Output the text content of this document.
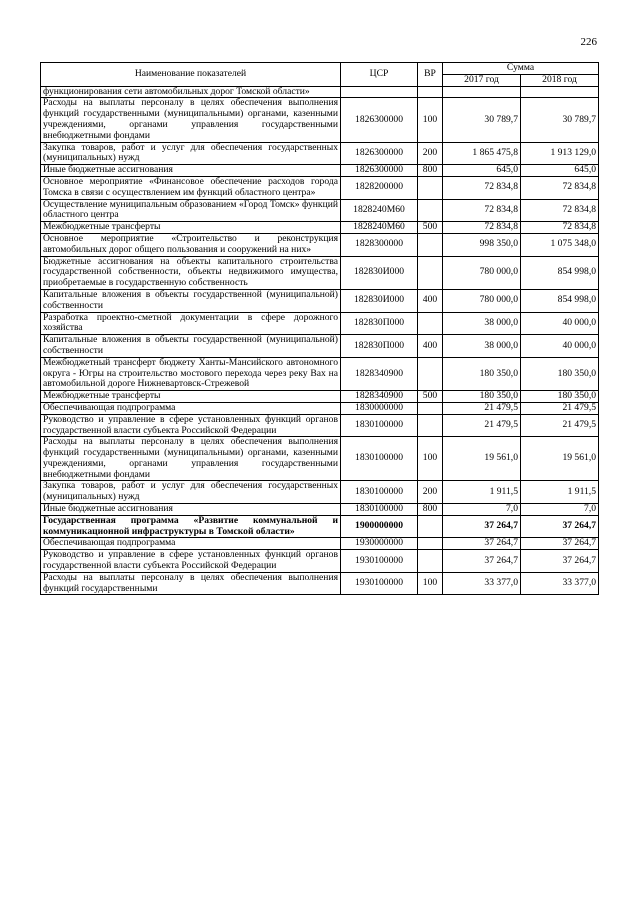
226
Наименование показателей	ЦСР	ВР	Сумма	
			2017 год	2018 год
функционирования сети автомобильных дорог Томской области»				
Расходы на выплаты персоналу в целях обеспечения выполнения функций государственными (муниципальными) органами, казенными учреждениями, органами управления государственными внебюджетными фондами	1826300000	100	30 789,7	30 789,7
Закупка товаров, работ и услуг для обеспечения государственных (муниципальных) нужд	1826300000	200	1 865 475,8	1 913 129,0
Иные бюджетные ассигнования	1826300000	800	645,0	645,0
Основное мероприятие «Финансовое обеспечение расходов города Томска в связи с осуществлением им функций областного центра»	1828200000		72 834,8	72 834,8
Осуществление муниципальным образованием «Город Томск» функций областного центра	1828240М60		72 834,8	72 834,8
Межбюджетные трансферты	1828240М60	500	72 834,8	72 834,8
Основное мероприятие «Строительство и реконструкция автомобильных дорог общего пользования и сооружений на них»	1828300000		998 350,0	1 075 348,0
Бюджетные ассигнования на объекты капитального строительства государственной собственности, объекты недвижимого имущества, приобретаемые в государственную собственность	182830И000		780 000,0	854 998,0
Капитальные вложения в объекты государственной (муниципальной) собственности	182830И000	400	780 000,0	854 998,0
Разработка проектно-сметной документации в сфере дорожного хозяйства	182830П000		38 000,0	40 000,0
Капитальные вложения в объекты государственной (муниципальной) собственности	182830П000	400	38 000,0	40 000,0
Межбюджетный трансферт бюджету Ханты-Мансийского автономного округа - Югры на строительство мостового перехода через реку Вах на автомобильной дороге Нижневартовск-Стрежевой	1828340900		180 350,0	180 350,0
Межбюджетные трансферты	1828340900	500	180 350,0	180 350,0
Обеспечивающая подпрограмма	1830000000		21 479,5	21 479,5
Руководство и управление в сфере установленных функций органов государственной власти субъекта Российской Федерации	1830100000		21 479,5	21 479,5
Расходы на выплаты персоналу в целях обеспечения выполнения функций государственными (муниципальными) органами, казенными учреждениями, органами управления государственными внебюджетными фондами	1830100000	100	19 561,0	19 561,0
Закупка товаров, работ и услуг для обеспечения государственных (муниципальных) нужд	1830100000	200	1 911,5	1 911,5
Иные бюджетные ассигнования	1830100000	800	7,0	7,0
Государственная программа «Развитие коммунальной и коммуникационной инфраструктуры в Томской области»	1900000000		37 264,7	37 264,7
Обеспечивающая подпрограмма	1930000000		37 264,7	37 264,7
Руководство и управление в сфере установленных функций органов государственной власти субъекта Российской Федерации	1930100000		37 264,7	37 264,7
Расходы на выплаты персоналу в целях обеспечения выполнения функций государственными	1930100000	100	33 377,0	33 377,0
